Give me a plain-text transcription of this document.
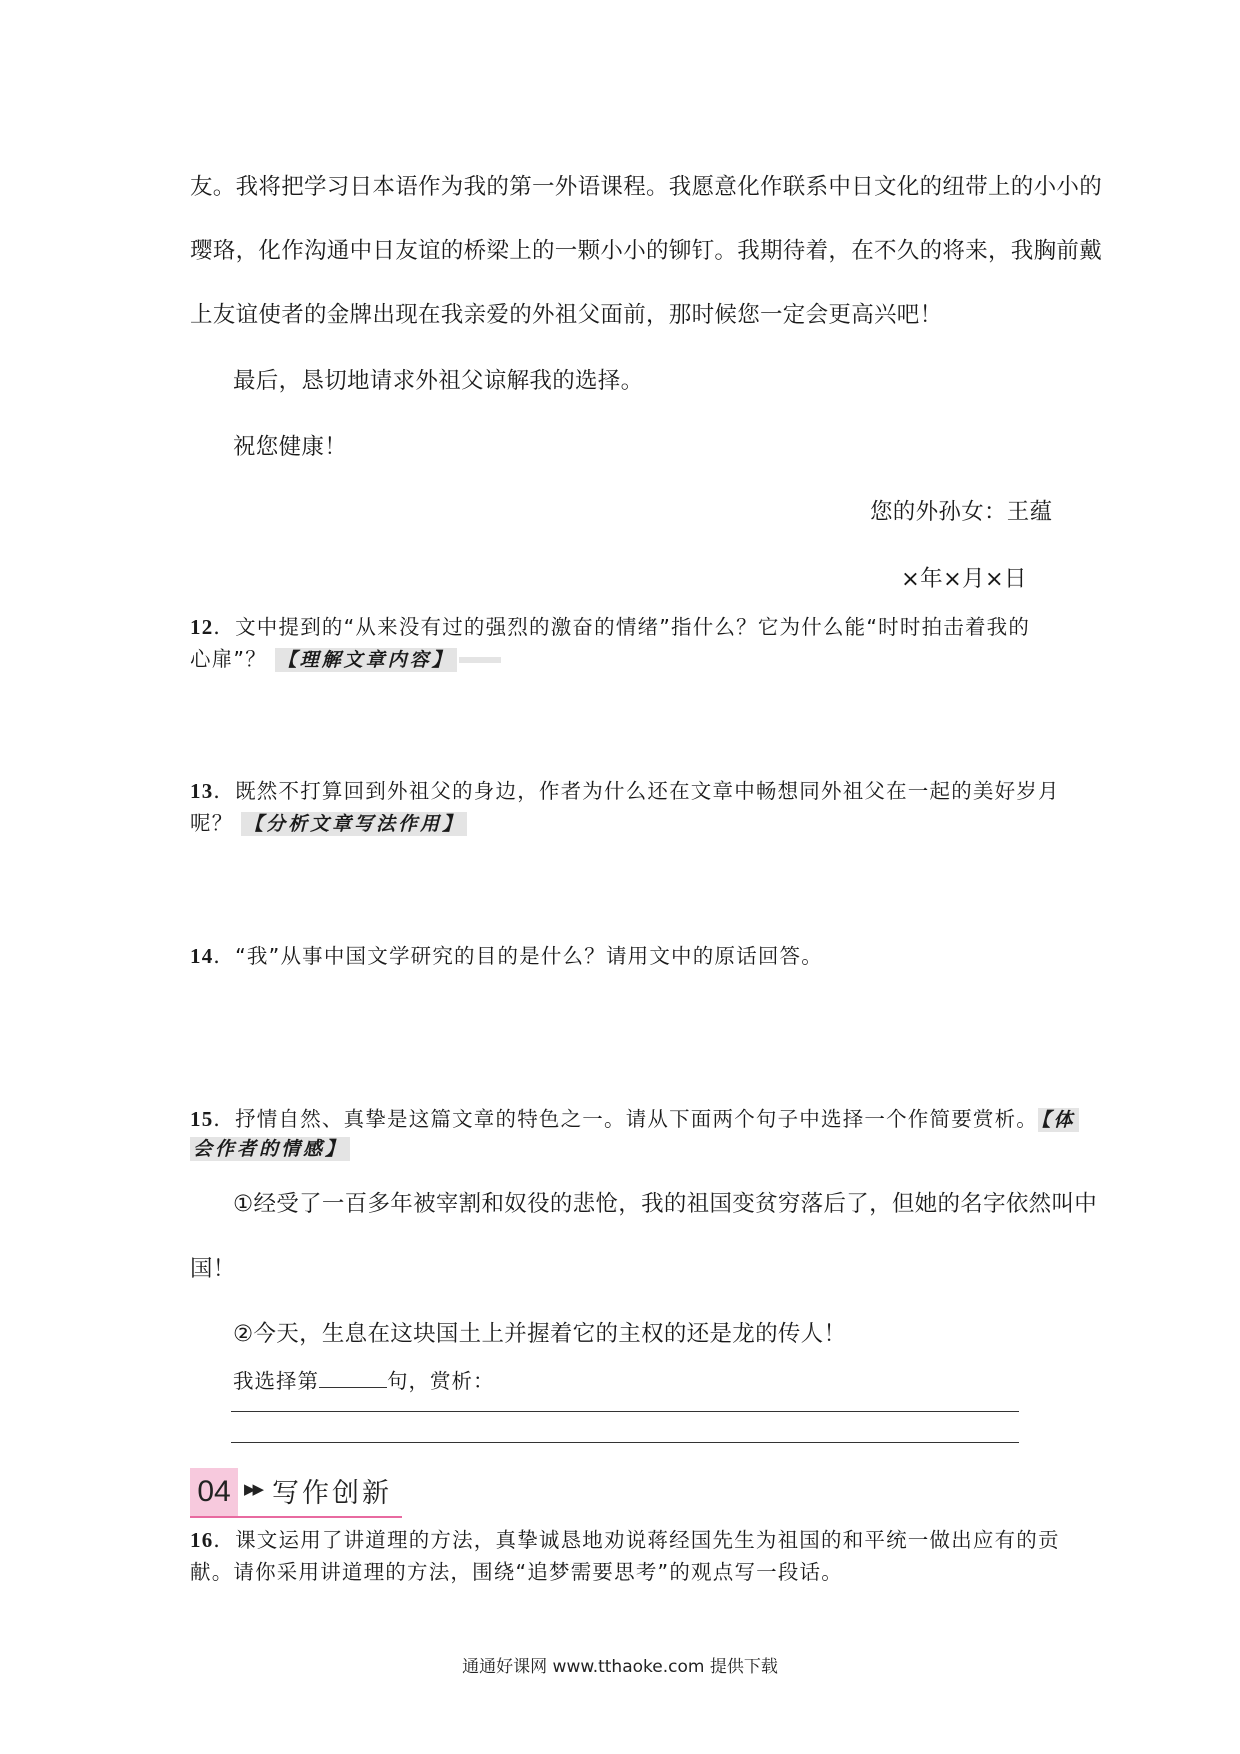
友。我将把学习日本语作为我的第一外语课程。我愿意化作联系中日文化的纽带上的小小的
璎珞，化作沟通中日友谊的桥梁上的一颗小小的铆钉。我期待着，在不久的将来，我胸前戴
上友谊使者的金牌出现在我亲爱的外祖父面前，那时候您一定会更高兴吧！
最后，恳切地请求外祖父谅解我的选择。
祝您健康！
您的外孙女：王蕴
×年×月×日
12．文中提到的“从来没有过的强烈的激奋的情绪”指什么？它为什么能“时时拍击着我的
心扉”？ 【理解文章内容】
13．既然不打算回到外祖父的身边，作者为什么还在文章中畅想同外祖父在一起的美好岁月
呢？ 【分析文章写法作用】
14．“我”从事中国文学研究的目的是什么？请用文中的原话回答。
15．抒情自然、真挚是这篇文章的特色之一。请从下面两个句子中选择一个作简要赏析。 【体
会作者的情感】
①经受了一百多年被宰割和奴役的悲怆，我的祖国变贫穷落后了，但她的名字依然叫中
国！
②今天，生息在这块国土上并握着它的主权的还是龙的传人！
我选择第	句，赏析：
04 ▶▶ 写作创新
16．课文运用了讲道理的方法，真挚诚恳地劝说蒋经国先生为祖国的和平统一做出应有的贡
献。请你采用讲道理的方法，围绕“追梦需要思考”的观点写一段话。
通通好课网 www.tthaoke.com 提供下载
